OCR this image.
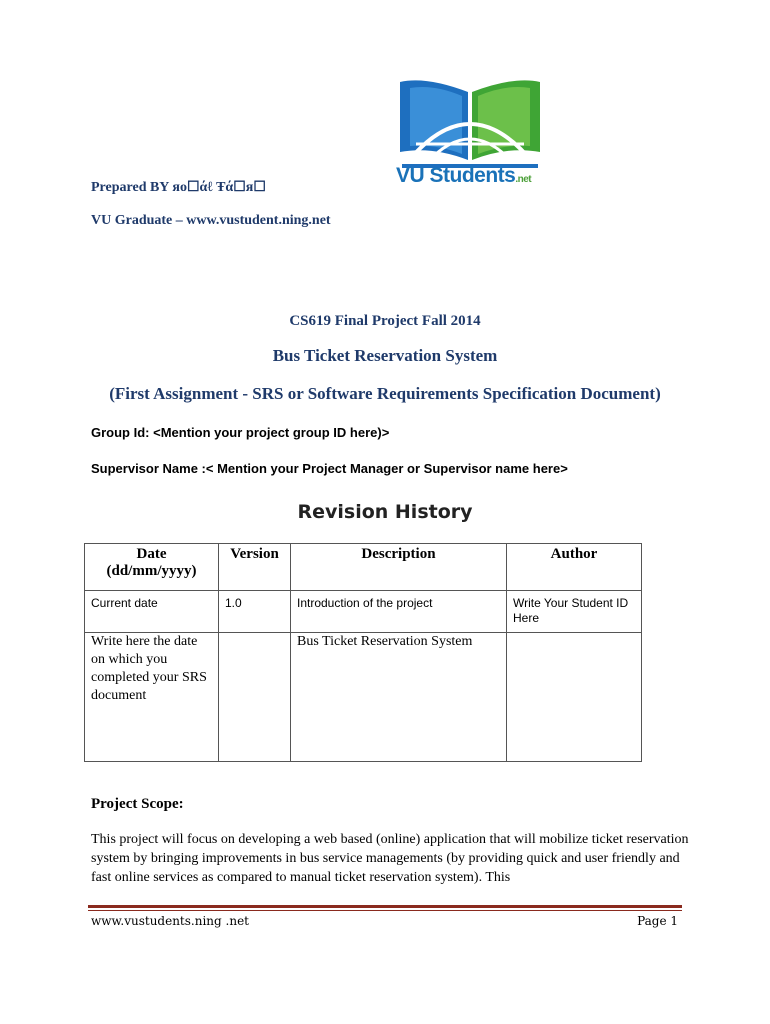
VU Students.net
Prepared BY яo☐άℓ Ŧά☐я☐
VU Graduate – www.vustudent.ning.net
CS619 Final Project Fall 2014
Bus Ticket Reservation System
(First Assignment - SRS or Software Requirements Specification Document)
Group Id: <Mention your project group ID here)>
Supervisor Name :< Mention your Project Manager or Supervisor name here>
Revision History
Date
(dd/mm/yyyy)	Version	Description	Author
Current date	1.0	Introduction of the project	Write Your Student ID Here
Write here the date on which you completed your SRS document		Bus Ticket Reservation System	
Project Scope:
This project will focus on developing a web based (online) application that will mobilize ticket reservation system by bringing improvements in bus service managements (by providing quick and user friendly and fast online services as compared to manual ticket reservation system). This
www.vustudents.ning .net	Page 1
